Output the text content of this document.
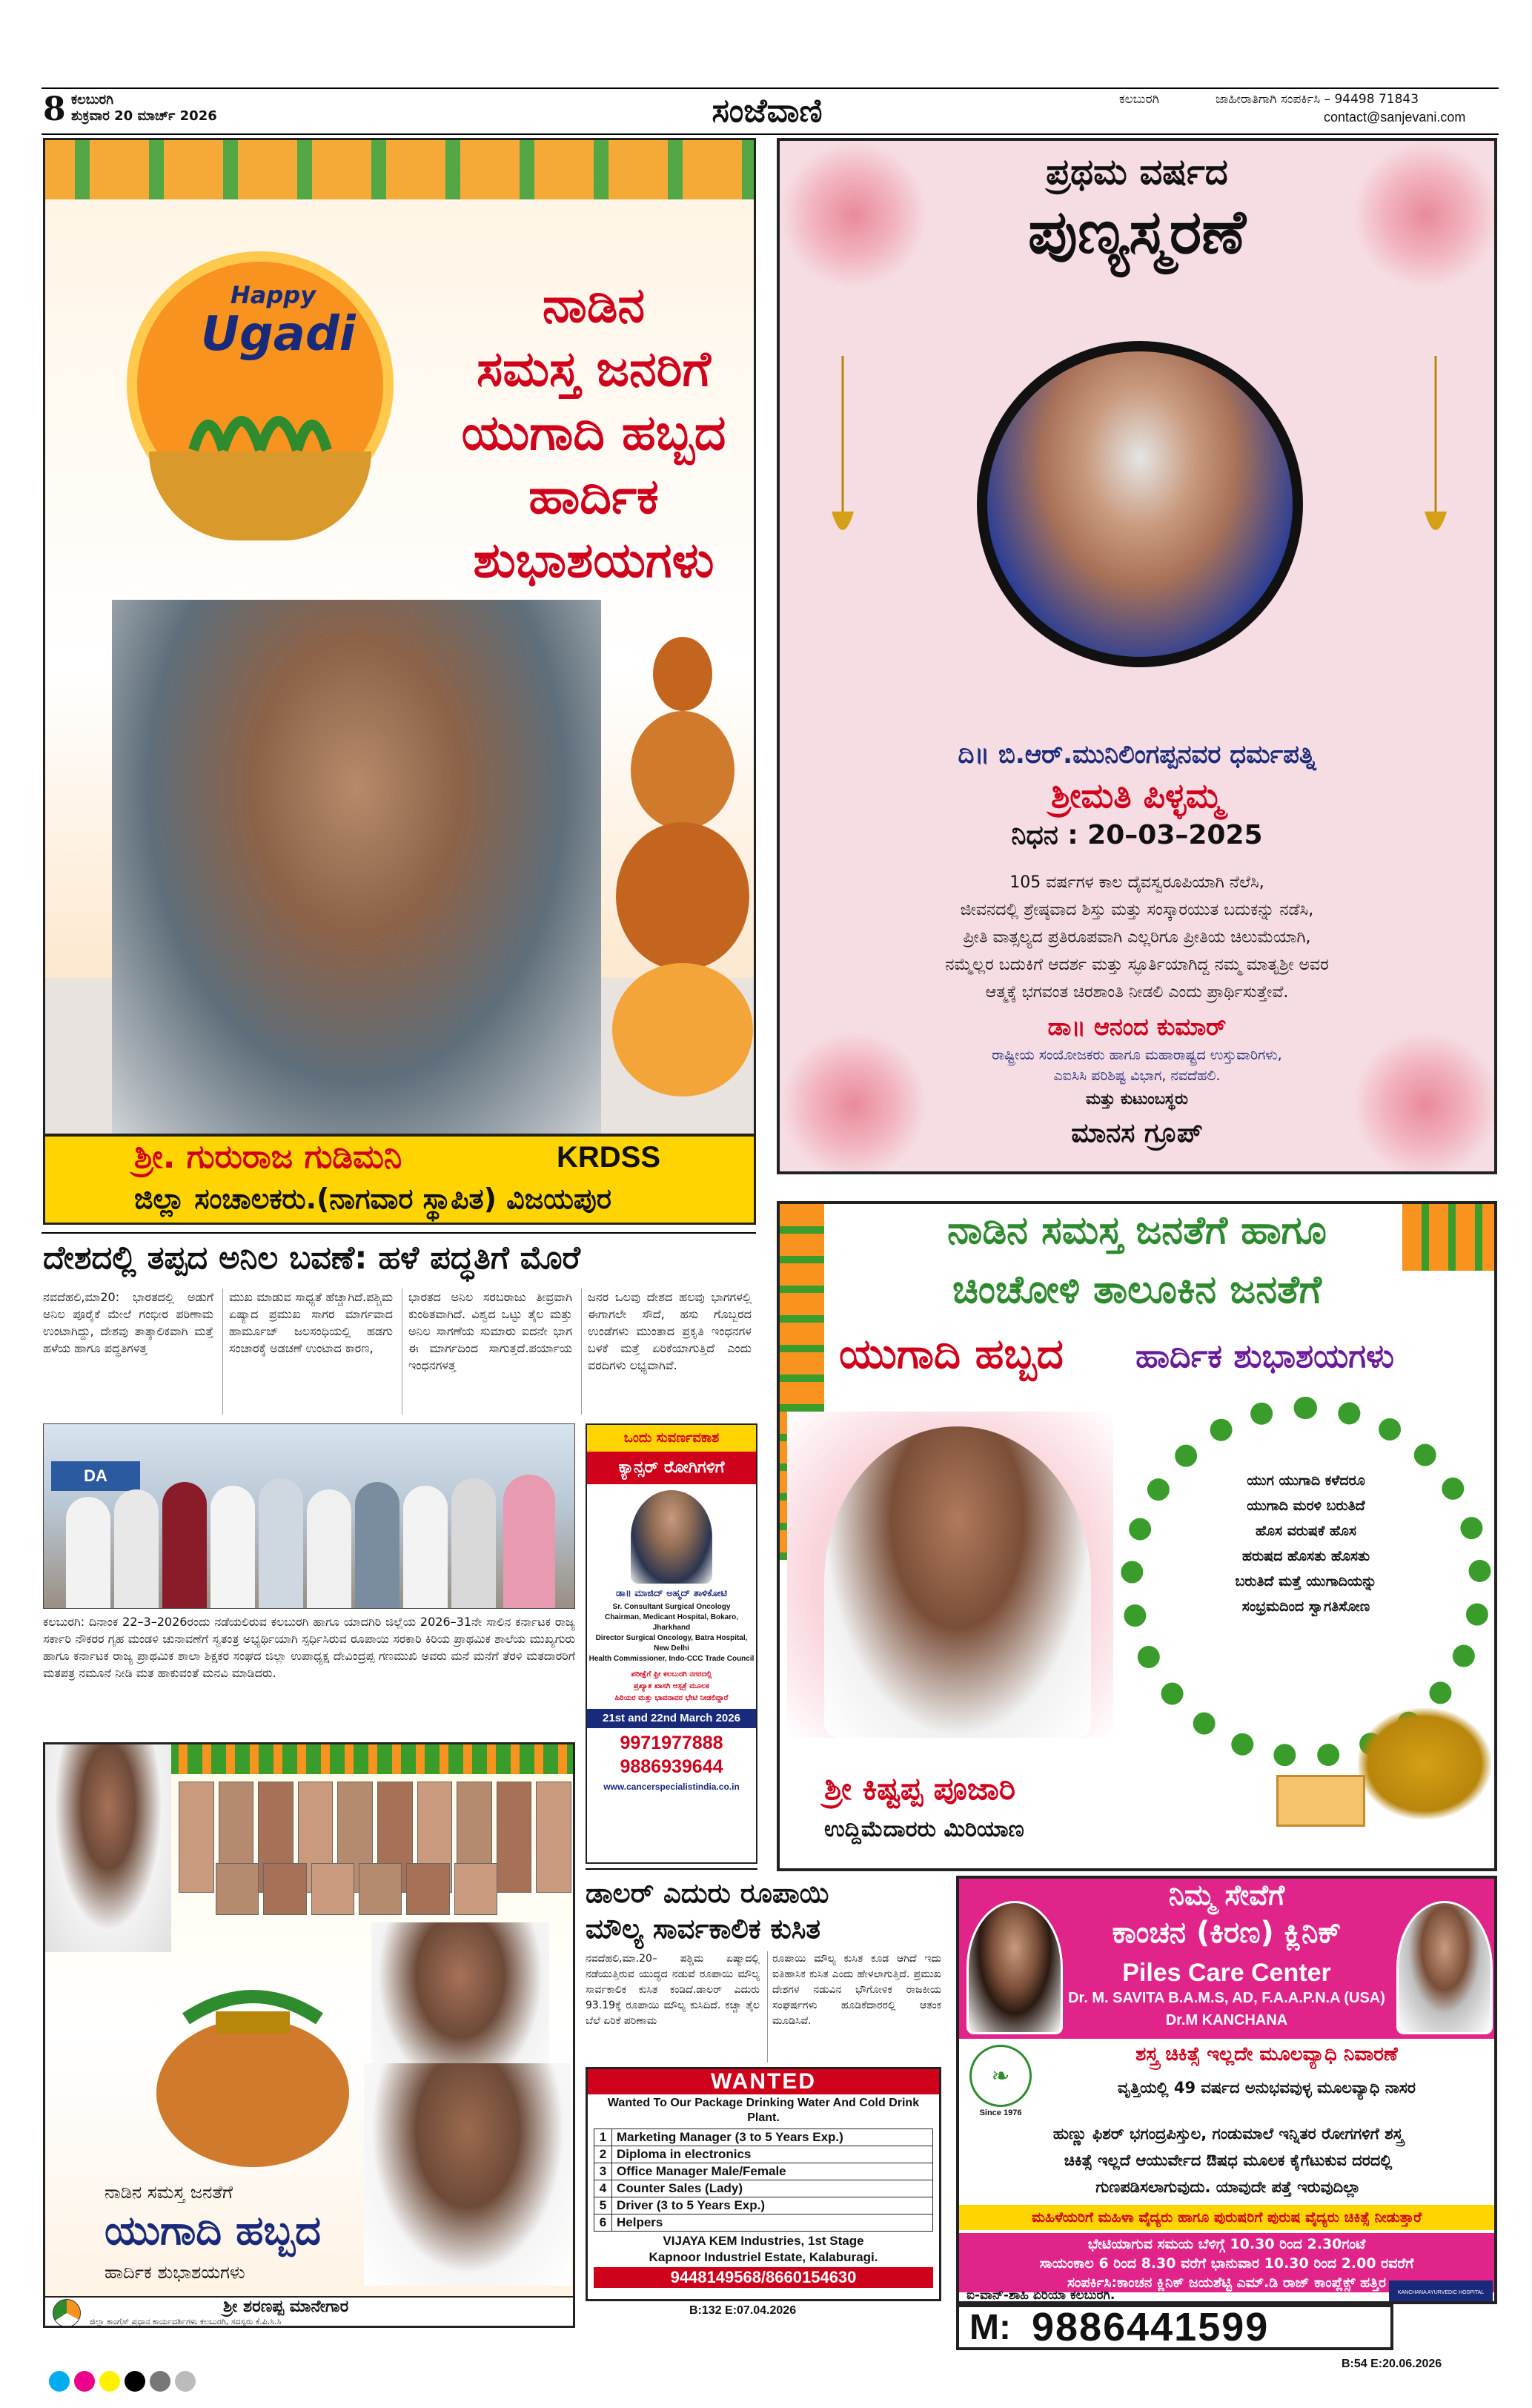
8 ಕಲಬುರಗಿ
ಶುಕ್ರವಾರ 20 ಮಾರ್ಚ್ 2026	ಸಂಜೆವಾಣಿ	ಕಲಬುರಗಿ	ಜಾಹೀರಾತಿಗಾಗಿ ಸಂಪರ್ಕಿಸಿ – 94498 71843
contact@sanjevani.com
Happy
Ugadi
ನಾಡಿನ
ಸಮಸ್ತ ಜನರಿಗೆ
ಯುಗಾದಿ ಹಬ್ಬದ
ಹಾರ್ದಿಕ
ಶುಭಾಶಯಗಳು
ಶ್ರೀ. ಗುರುರಾಜ ಗುಡಿಮನಿ	KRDSS
ಜಿಲ್ಲಾ ಸಂಚಾಲಕರು.(ನಾಗವಾರ ಸ್ಥಾಪಿತ) ವಿಜಯಪುರ
ಪ್ರಥಮ ವರ್ಷದ
ಪುಣ್ಯಸ್ಮರಣೆ
ದಿ॥ ಬಿ.ಆರ್.ಮುನಿಲಿಂಗಪ್ಪನವರ ಧರ್ಮಪತ್ನಿ
ಶ್ರೀಮತಿ ಪಿಳ್ಳಮ್ಮ
ನಿಧನ : 20–03–2025
105 ವರ್ಷಗಳ ಕಾಲ ದೈವಸ್ವರೂಪಿಯಾಗಿ ನೆಲೆಸಿ,
ಜೀವನದಲ್ಲಿ ಶ್ರೇಷ್ಠವಾದ ಶಿಸ್ತು ಮತ್ತು ಸಂಸ್ಕಾರಯುತ ಬದುಕನ್ನು ನಡೆಸಿ,
ಪ್ರೀತಿ ವಾತ್ಸಲ್ಯದ ಪ್ರತಿರೂಪವಾಗಿ ಎಲ್ಲರಿಗೂ ಪ್ರೀತಿಯ ಚಿಲುಮೆಯಾಗಿ,
ನಮ್ಮೆಲ್ಲರ ಬದುಕಿಗೆ ಆದರ್ಶ ಮತ್ತು ಸ್ಫೂರ್ತಿಯಾಗಿದ್ದ ನಮ್ಮ ಮಾತೃಶ್ರೀ ಅವರ
ಆತ್ಮಕ್ಕೆ ಭಗವಂತ ಚಿರಶಾಂತಿ ನೀಡಲಿ ಎಂದು ಪ್ರಾರ್ಥಿಸುತ್ತೇವೆ.
ಡಾ॥ ಆನಂದ ಕುಮಾರ್
ರಾಷ್ಟ್ರೀಯ ಸಂಯೋಜಕರು ಹಾಗೂ ಮಹಾರಾಷ್ಟ್ರದ ಉಸ್ತುವಾರಿಗಳು,
ಎಐಸಿಸಿ ಪರಿಶಿಷ್ಟ ವಿಭಾಗ, ನವದೆಹಲಿ.
ಮತ್ತು ಕುಟುಂಬಸ್ಥರು
ಮಾನಸ ಗ್ರೂಪ್
ದೇಶದಲ್ಲಿ ತಪ್ಪದ ಅನಿಲ ಬವಣೆ: ಹಳೆ ಪದ್ಧತಿಗೆ ಮೊರೆ

ನವದೆಹಲಿ,ಮಾ20: ಭಾರತದಲ್ಲಿ ಅಡುಗೆ ಅನಿಲ ಪೂರೈಕೆ ಮೇಲೆ ಗಂಭೀರ ಪರಿಣಾಮ ಉಂಟಾಗಿದ್ದು, ದೇಶವು ತಾತ್ಕಾಲಿಕವಾಗಿ ಮತ್ತೆ ಹಳೆಯ ಹಾಗೂ ಪದ್ಧತಿಗಳತ್ತ

ಮುಖ ಮಾಡುವ ಸಾಧ್ಯತೆ ಹೆಚ್ಚಾಗಿದೆ.ಪಶ್ಚಿಮ ಏಷ್ಯಾದ ಪ್ರಮುಖ ಸಾಗರ ಮಾರ್ಗವಾದ ಹಾರ್ಮೂಜ್ ಜಲಸಂಧಿಯಲ್ಲಿ ಹಡಗು ಸಂಚಾರಕ್ಕೆ ಅಡಚಣೆ ಉಂಟಾದ ಕಾರಣ,

ಭಾರತದ ಅನಿಲ ಸರಬರಾಜು ತೀವ್ರವಾಗಿ ಕುಂಠಿತವಾಗಿದೆ. ವಿಶ್ವದ ಒಟ್ಟು ತೈಲ ಮತ್ತು ಅನಿಲ ಸಾಗಣೆಯ ಸುಮಾರು ಐದನೇ ಭಾಗ ಈ ಮಾರ್ಗದಿಂದ ಸಾಗುತ್ತದೆ.ಪರ್ಯಾಯ ಇಂಧನಗಳತ್ತ

ಜನರ ಒಲವು ದೇಶದ ಹಲವು ಭಾಗಗಳಲ್ಲಿ ಈಗಾಗಲೇ ಸೌದೆ, ಹಸು ಗೊಬ್ಬರದ ಉಂಡೆಗಳು ಮುಂತಾದ ಪ್ರಕೃತಿ ಇಂಧನಗಳ ಬಳಕೆ ಮತ್ತೆ ಏರಿಕೆಯಾಗುತ್ತಿದೆ ಎಂದು ವರದಿಗಳು ಲಭ್ಯವಾಗಿವೆ.

DA
ಕಲಬುರಗಿ: ದಿನಾಂಕ 22–3–2026ರಂದು ನಡೆಯಲಿರುವ ಕಲಬುರಗಿ ಹಾಗೂ ಯಾದಗಿರಿ ಜಿಲ್ಲೆಯ 2026–31ನೇ ಸಾಲಿನ ಕರ್ನಾಟಕ ರಾಜ್ಯ ಸರ್ಕಾರಿ ನೌಕರರ ಗೃಹ ಮಂಡಳಿ ಚುನಾವಣೆಗೆ ಸ್ವತಂತ್ರ ಅಭ್ಯರ್ಥಿಯಾಗಿ ಸ್ಪರ್ಧಿಸಿರುವ ರೂಪಾಯಿ ಸರಕಾರಿ ಕಿರಿಯ ಪ್ರಾಥಮಿಕ ಶಾಲೆಯ ಮುಖ್ಯಗುರು ಹಾಗೂ ಕರ್ನಾಟಕ ರಾಜ್ಯ ಪ್ರಾಥಮಿಕ ಶಾಲಾ ಶಿಕ್ಷಕರ ಸಂಘದ ಜಿಲ್ಲಾ ಉಪಾಧ್ಯಕ್ಷ ದೇವಿಂದ್ರಪ್ಪ ಗಣಮುಖಿ ಅವರು ಮನೆ ಮನೆಗೆ ತೆರಳಿ ಮತದಾರರಿಗೆ ಮತಪತ್ರ ನಮೂನೆ ನೀಡಿ ಮತ ಹಾಕುವಂತೆ ಮನವಿ ಮಾಡಿದರು.
ಒಂದು ಸುವರ್ಣವಕಾಶ
ಕ್ಯಾನ್ಸರ್ ರೋಗಿಗಳಿಗೆ
ಡಾ॥ ಮಾಜಿದ್ ಅಹ್ಮದ್ ತಾಳಿಕೋಟಿ
Sr. Consultant Surgical Oncology
Chairman, Medicant Hospital, Bokaro, Jharkhand
Director Surgical Oncology, Batra Hospital, New Delhi
Health Commissioner, Indo-CCC Trade Council
ಪರೀಕ್ಷೆಗೆ ಫ್ರೀ ಕಲಬುರಗಿ ನಗರದಲ್ಲಿ
ಪ್ರಖ್ಯಾತ ಖಾಸಗಿ ಆಸ್ಪತ್ರೆ ಮೂಲಕ
ಹಿರಿಯರ ಮತ್ತು ಭಾವನಾವರ ಭೇಟಿ ನೀಡಲಿದ್ದಾರೆ
21st and 22nd March 2026
9971977888
9886939644
www.cancerspecialistindia.co.in
ನಾಡಿನ ಸಮಸ್ತ ಜನತೆಗೆ ಹಾಗೂ
ಚಿಂಚೋಳಿ ತಾಲೂಕಿನ ಜನತೆಗೆ
ಯುಗಾದಿ ಹಬ್ಬದ ಹಾರ್ದಿಕ ಶುಭಾಶಯಗಳು
ಯುಗ ಯುಗಾದಿ ಕಳೆದರೂ
ಯುಗಾದಿ ಮರಳಿ ಬರುತಿದೆ
ಹೊಸ ವರುಷಕೆ ಹೊಸ
ಹರುಷದ ಹೊಸತು ಹೊಸತು
ಬರುತಿದೆ ಮತ್ತೆ ಯುಗಾದಿಯನ್ನು
ಸಂಭ್ರಮದಿಂದ ಸ್ವಾಗತಿಸೋಣ
ಶ್ರೀ ಕಿಷ್ಟಪ್ಪ ಪೂಜಾರಿ
ಉದ್ದಿಮೆದಾರರು ಮಿರಿಯಾಣ
ನಾಡಿನ ಸಮಸ್ತ ಜನತೆಗೆ
ಯುಗಾದಿ ಹಬ್ಬದ
ಹಾರ್ದಿಕ ಶುಭಾಶಯಗಳು
ಶ್ರೀ ಶರಣಪ್ಪ ಮಾನೇಗಾರ
ಜಿಲ್ಲಾ ಕಾಂಗ್ರೆಸ್ ಪ್ರಧಾನ ಕಾರ್ಯದರ್ಶಿಗಳು ಕಲಬುರಗಿ, ಸದಸ್ಯರು ಕೆ.ಪಿ.ಸಿ.ಸಿ
ಡಾಲರ್ ಎದುರು ರೂಪಾಯಿ
ಮೌಲ್ಯ ಸಾರ್ವಕಾಲಿಕ ಕುಸಿತ

ನವದೆಹಲಿ,ಮಾ.20– ಪಶ್ಚಿಮ ಏಷ್ಯಾದಲ್ಲಿ ನಡೆಯುತ್ತಿರುವ ಯುದ್ಧದ ನಡುವೆ ರೂಪಾಯಿ ಮೌಲ್ಯ ಸಾರ್ವಕಾಲಿಕ ಕುಸಿತ ಕಂಡಿದೆ.ಡಾಲರ್ ಎದುರು 93.19ಕ್ಕೆ ರೂಪಾಯಿ ಮೌಲ್ಯ ಕುಸಿದಿದೆ. ಕಚ್ಚಾ ತೈಲ ಬೆಲೆ ಏರಿಕೆ ಪರಿಣಾಮ

ರೂಪಾಯಿ ಮೌಲ್ಯ ಕುಸಿತ ಕೂಡ ಆಗಿದೆ ಇದು ಐತಿಹಾಸಿಕ ಕುಸಿತ ಎಂದು ಹೇಳಲಾಗುತ್ತಿದೆ. ಪ್ರಮುಖ ದೇಶಗಳ ನಡುವಿನ ಭೌಗೋಳಿಕ ರಾಜಕೀಯ ಸಂಘರ್ಷಗಳು ಹೂಡಿಕೆದಾರರಲ್ಲಿ ಆತಂಕ ಮೂಡಿಸಿವೆ.

WANTED
Wanted To Our Package Drinking Water And Cold Drink Plant.
1 Marketing Manager (3 to 5 Years Exp.)
2 Diploma in electronics
3 Office Manager Male/Female
4 Counter Sales (Lady)
5 Driver (3 to 5 Years Exp.)
6 Helpers
VIJAYA KEM Industries, 1st Stage
Kapnoor Industriel Estate, Kalaburagi.
9448149568/8660154630
B:132 E:07.04.2026
ನಿಮ್ಮ ಸೇವೆಗೆ
ಕಾಂಚನ (ಕಿರಣ) ಕ್ಲಿನಿಕ್
Piles Care Center
Dr. M. SAVITA B.A.M.S, AD, F.A.A.P.N.A (USA)
Dr.M KANCHANA
❧
Since 1976
ಶಸ್ತ್ರ ಚಿಕಿತ್ಸೆ ಇಲ್ಲದೇ ಮೂಲವ್ಯಾಧಿ ನಿವಾರಣೆ
ವೃತ್ತಿಯಲ್ಲಿ 49 ವರ್ಷದ ಅನುಭವವುಳ್ಳ ಮೂಲವ್ಯಾಧಿ ನಾಸರ
ಹುಣ್ಣು ಫಿಶರ್ ಭಗಂದ್ರಪಿಸ್ತುಲ, ಗಂಡುಮಾಲೆ ಇನ್ನಿತರ ರೋಗಗಳಿಗೆ ಶಸ್ತ್ರ
ಚಿಕಿತ್ಸೆ ಇಲ್ಲದೆ ಆಯುರ್ವೇದ ಔಷಧ ಮೂಲಕ ಕೈಗೆಟುಕುವ ದರದಲ್ಲಿ
ಗುಣಪಡಿಸಲಾಗುವುದು. ಯಾವುದೇ ಪತ್ತೆ ಇರುವುದಿಲ್ಲಾ
ಮಹಿಳೆಯರಿಗೆ ಮಹಿಳಾ ವೈದ್ಯರು ಹಾಗೂ ಪುರುಷರಿಗೆ ಪುರುಷ ವೈದ್ಯರು ಚಿಕಿತ್ಸೆ ನೀಡುತ್ತಾರೆ
ಭೇಟಿಯಾಗುವ ಸಮಯ ಬೆಳಿಗ್ಗೆ 10.30 ರಿಂದ 2.30ಗಂಟೆ
ಸಾಯಂಕಾಲ 6 ರಿಂದ 8.30 ವರೆಗೆ ಭಾನುವಾರ 10.30 ರಿಂದ 2.00 ರವರೆಗೆ
ಸಂಪರ್ಕಿಸಿ:ಕಾಂಚನ ಕ್ಲಿನಿಕ್ ಜಯಶೆಟ್ಟಿ ಎಮ್.ಡಿ ರಾಜ್ ಕಾಂಪ್ಲೆಕ್ಸ್ ಹತ್ತಿರ
ಐ-ವಾನ್-ಶಾಹಿ ಏರಿಯಾ ಕಲಬುರಗಿ.	KANCHANA AYURVEDIC HOSPITAL
M: 9886441599
B:54 E:20.06.2026
